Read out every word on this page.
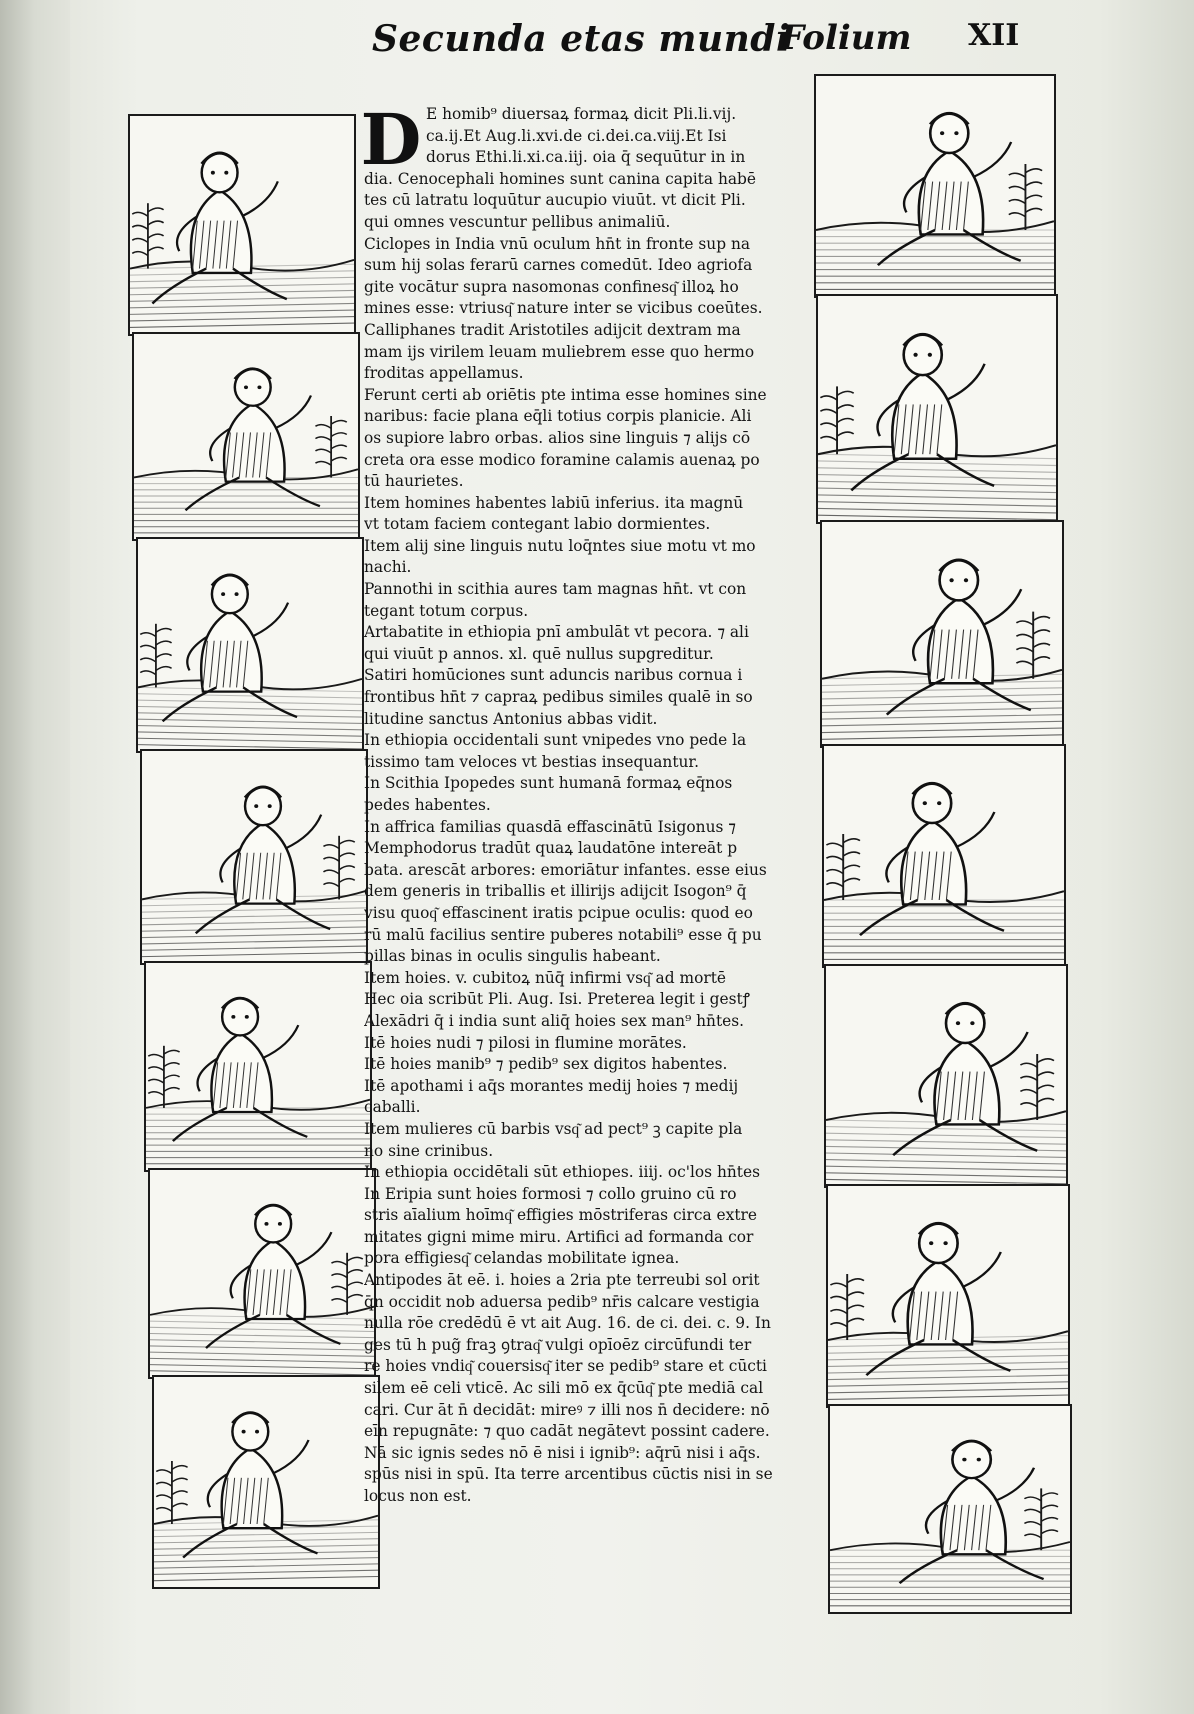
Secunda etas mundi
Folium XII
D E homib⁹ diuersaꝝ formaꝝ dicit Pli.li.vij.

ca.ij.Et Aug.li.xvi.de ci.dei.ca.viij.Et Isi

dorus Ethi.li.xi.ca.iij. oia q̄ sequūtur in in

dia. Cenocephali homines sunt canina capita habē

tes cū latratu loquūtur aucupio viuūt. vt dicit Pli.

qui omnes vescuntur pellibus animaliū.

Ciclopes in India vnū oculum hn̄t in fronte sup na

sum hij solas ferarū carnes comedūt. Ideo agriofa

gite vocātur supra nasomonas confinesq͂ illoꝝ ho

mines esse: vtriusq͂ nature inter se vicibus coeūtes.

Calliphanes tradit Aristotiles adijcit dextram ma

mam ijs virilem leuam muliebrem esse quo hermo

froditas appellamus.

Ferunt certi ab oriētis pte intima esse homines sine

naribus: facie plana eq̄li totius corpis planicie. Ali

os supiore labro orbas. alios sine linguis ⁊ alijs cō

creta ora esse modico foramine calamis auenaꝝ po

tū haurietes.

Item homines habentes labiū inferius. ita magnū

vt totam faciem contegant labio dormientes.

Item alij sine linguis nutu loq̄ntes siue motu vt mo

nachi.

Pannothi in scithia aures tam magnas hn̄t. vt con

tegant totum corpus.

Artabatite in ethiopia pnī ambulāt vt pecora. ⁊ ali

qui viuūt p annos. xl. quē nullus supgreditur.

Satiri homūciones sunt aduncis naribus cornua i

frontibus hn̄t ⁊ capraꝝ pedibus similes qualē in so

litudine sanctus Antonius abbas vidit.

In ethiopia occidentali sunt vnipedes vno pede la

tissimo tam veloces vt bestias insequantur.

In Scithia Ipopedes sunt humanā formaꝝ eq̄nos

pedes habentes.

In affrica familias quasdā effascinātū Isigonus ⁊

Memphodorus tradūt quaꝝ laudatōne intereāt p

bata. arescāt arbores: emoriātur infantes. esse eius

dem generis in triballis et illirijs adijcit Isogon⁹ q̄

visu quoq͂ effascinent iratis pcipue oculis: quod eo

rū malū facilius sentire puberes notabili⁹ esse q̄ pu

pillas binas in oculis singulis habeant.

Item hoies. v. cubitoꝝ nūq̄ infirmi vsq͂ ad mortē

Hec oia scribūt Pli. Aug. Isi. Preterea legit i gestꝭ

Alexādri q̄ i india sunt aliq̄ hoies sex man⁹ hn̄tes.

Itē hoies nudi ⁊ pilosi in flumine morātes.

Itē hoies manib⁹ ⁊ pedib⁹ sex digitos habentes.

Itē apothami i aq̄s morantes medij hoies ⁊ medij

caballi.

Item mulieres cū barbis vsq͂ ad pect⁹ ꝫ capite pla

no sine crinibus.

In ethiopia occidētali sūt ethiopes. iiij. oc'los hn̄tes

In Eripia sunt hoies formosi ⁊ collo gruino cū ro

stris aīalium hoīmq͂ effigies mōstriferas circa extre

mitates gigni mime miru. Artifici ad formanda cor

pora effigiesq͂ celandas mobilitate ignea.

Antipodes āt eē. i. hoies a 2ria pte terreubi sol orit

q̄n occidit nob aduersa pedib⁹ nr̄is calcare vestigia

nulla rōe credēdū ē vt ait Aug. 16. de ci. dei. c. 9. In

ges tū h pug̃ fraꝫ ꝯtraq͂ vulgi opīoēz circūfundi ter

re hoies vndiq͂ couersisq͂ iter se pedib⁹ stare et cūcti

silem eē celi vticē. Ac sili mō ex q̄cūq͂ pte mediā cal

cari. Cur āt n̄ decidāt: mireꝰ ⁊ illi nos n̄ decidere: nō

eīn repugnāte: ⁊ quo cadāt negātevt possint cadere.

Nā sic ignis sedes nō ē nisi i ignib⁹: aq̄rū nisi i aq̄s.

spūs nisi in spū. Ita terre arcentibus cūctis nisi in se

locus non est.
